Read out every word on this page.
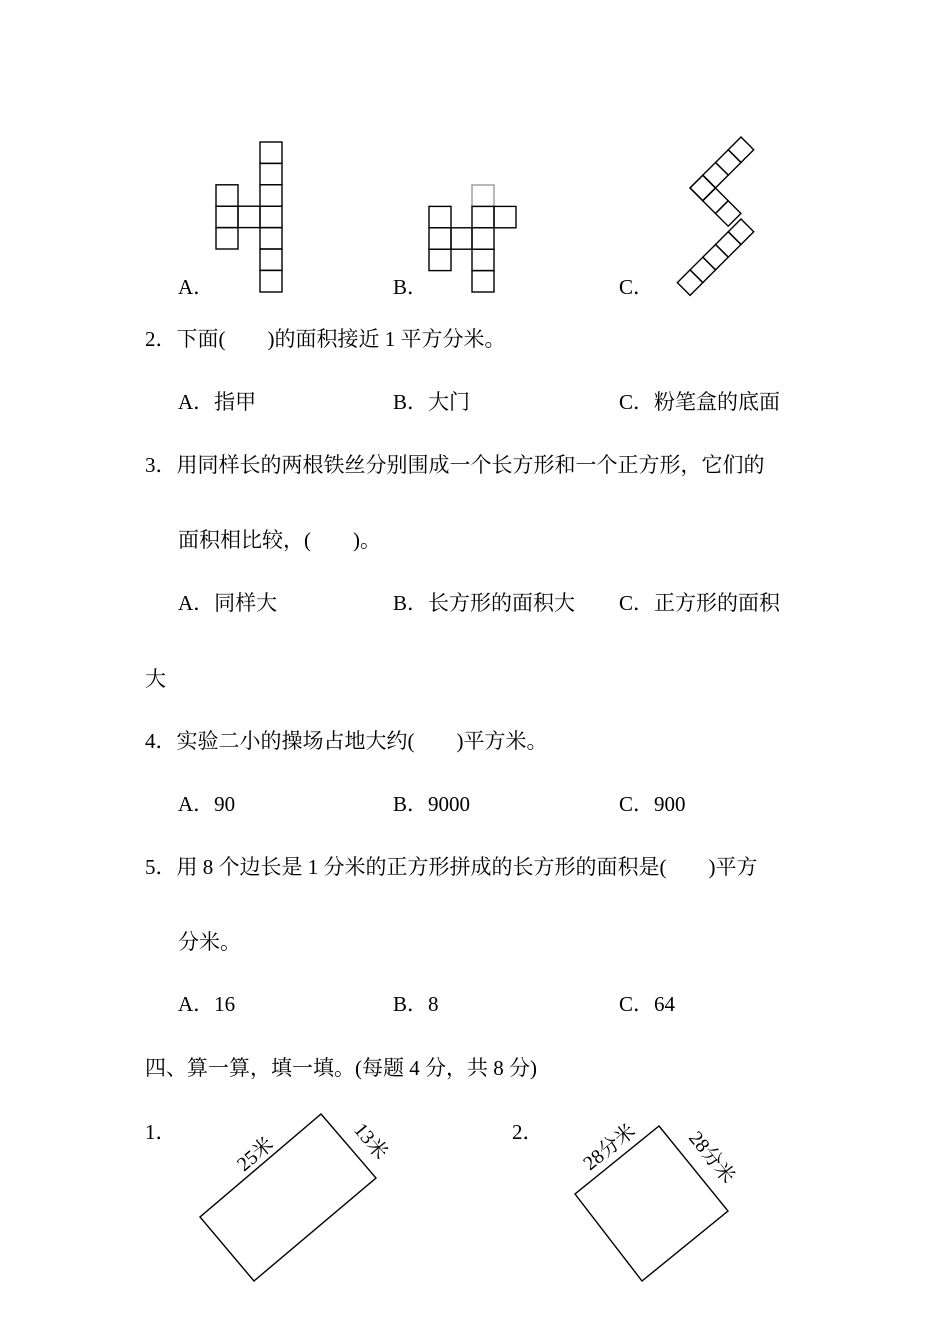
A．	B．	C．
25米	13米	28分米 28分米
2．下面(　　)的面积接近 1 平方分米。
A．指甲	B．大门	C．粉笔盒的底面
3．用同样长的两根铁丝分别围成一个长方形和一个正方形，它们的
面积相比较，(　　)。
A．同样大	B．长方形的面积大 C．正方形的面积
大
4．实验二小的操场占地大约(　　)平方米。
A．90	B．9000	C．900
5．用 8 个边长是 1 分米的正方形拼成的长方形的面积是(　　)平方
分米。
A．16	B．8	C．64
四、算一算，填一填。(每题 4 分，共 8 分)
1．	2．
